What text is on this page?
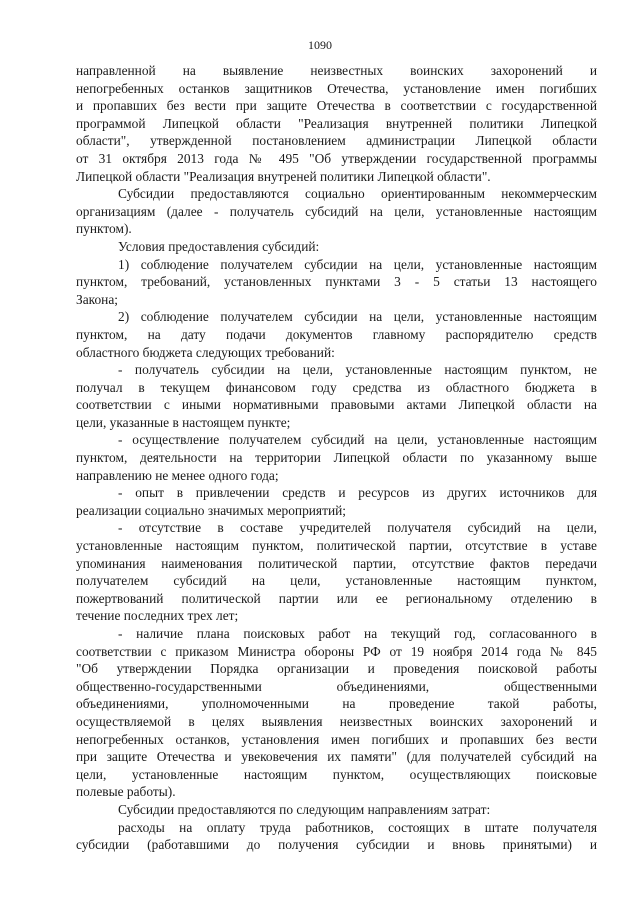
1090
направленной на выявление неизвестных воинских захоронений и
непогребенных останков защитников Отечества, установление имен погибших
и пропавших без вести при защите Отечества в соответствии с государственной
программой Липецкой области "Реализация внутренней политики Липецкой
области", утвержденной постановлением администрации Липецкой области
от 31 октября 2013 года № 495 "Об утверждении государственной программы
Липецкой области "Реализация внутреней политики Липецкой области".
Субсидии предоставляются социально ориентированным некоммерческим
организациям (далее - получатель субсидий на цели, установленные настоящим
пунктом).
Условия предоставления субсидий:
1) соблюдение получателем субсидии на цели, установленные настоящим
пунктом, требований, установленных пунктами 3 - 5 статьи 13 настоящего
Закона;
2) соблюдение получателем субсидии на цели, установленные настоящим
пунктом, на дату подачи документов главному распорядителю средств
областного бюджета следующих требований:
- получатель субсидии на цели, установленные настоящим пунктом, не
получал в текущем финансовом году средства из областного бюджета в
соответствии с иными нормативными правовыми актами Липецкой области на
цели, указанные в настоящем пункте;
- осуществление получателем субсидий на цели, установленные настоящим
пунктом, деятельности на территории Липецкой области по указанному выше
направлению не менее одного года;
- опыт в привлечении средств и ресурсов из других источников для
реализации социально значимых мероприятий;
- отсутствие в составе учредителей получателя субсидий на цели,
установленные настоящим пунктом, политической партии, отсутствие в уставе
упоминания наименования политической партии, отсутствие фактов передачи
получателем субсидий на цели, установленные настоящим пунктом,
пожертвований политической партии или ее региональному отделению в
течение последних трех лет;
- наличие плана поисковых работ на текущий год, согласованного в
соответствии с приказом Министра обороны РФ от 19 ноября 2014 года № 845
"Об утверждении Порядка организации и проведения поисковой работы
общественно-государственными объединениями, общественными
объединениями, уполномоченными на проведение такой работы,
осуществляемой в целях выявления неизвестных воинских захоронений и
непогребенных останков, установления имен погибших и пропавших без вести
при защите Отечества и увековечения их памяти" (для получателей субсидий на
цели, установленные настоящим пунктом, осуществляющих поисковые
полевые работы).
Субсидии предоставляются по следующим направлениям затрат:
расходы на оплату труда работников, состоящих в штате получателя
субсидии (работавшими до получения субсидии и вновь принятыми) и
